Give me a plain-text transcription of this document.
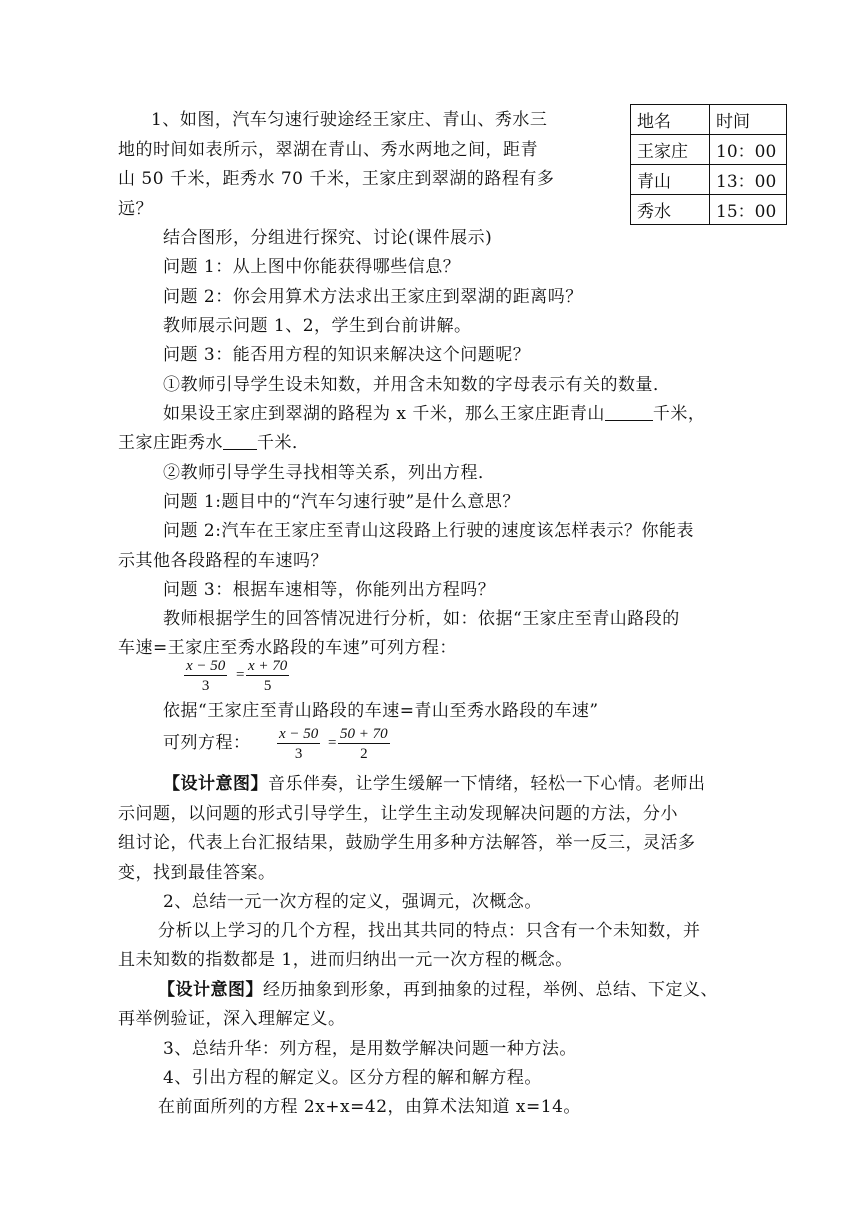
地名	时间
王家庄	10：00
青山	13：00
秀水	15：00
1、如图，汽车匀速行驶途经王家庄、青山、秀水三
地的时间如表所示，翠湖在青山、秀水两地之间，距青
山 50 千米，距秀水 70 千米，王家庄到翠湖的路程有多
远？
结合图形，分组进行探究、讨论(课件展示)
问题 1：从上图中你能获得哪些信息？
问题 2：你会用算术方法求出王家庄到翠湖的距离吗？
教师展示问题 1、2，学生到台前讲解。
问题 3：能否用方程的知识来解决这个问题呢？
①教师引导学生设未知数，并用含未知数的字母表示有关的数量．
如果设王家庄到翠湖的路程为 x 千米，那么王家庄距青山	千米，
王家庄距秀水 千米．
②教师引导学生寻找相等关系，列出方程．
问题 1:题目中的“汽车匀速行驶”是什么意思？
问题 2:汽车在王家庄至青山这段路上行驶的速度该怎样表示？你能表
示其他各段路程的车速吗？
问题 3：根据车速相等，你能列出方程吗？
教师根据学生的回答情况进行分析，如：依据“王家庄至青山路段的
车速=王家庄至秀水路段的车速”可列方程：
x − 50
3
=
x + 70
5
依据“王家庄至青山路段的车速=青山至秀水路段的车速”
可列方程： x − 50
3
=
50 + 70
2
【设计意图】音乐伴奏，让学生缓解一下情绪，轻松一下心情。老师出
示问题，以问题的形式引导学生，让学生主动发现解决问题的方法，分小
组讨论，代表上台汇报结果，鼓励学生用多种方法解答，举一反三，灵活多
变，找到最佳答案。
2、总结一元一次方程的定义，强调元，次概念。
分析以上学习的几个方程，找出其共同的特点：只含有一个未知数，并
且未知数的指数都是 1，进而归纳出一元一次方程的概念。
【设计意图】经历抽象到形象，再到抽象的过程，举例、总结、下定义、
再举例验证，深入理解定义。
3、总结升华：列方程，是用数学解决问题一种方法。
4、引出方程的解定义。区分方程的解和解方程。
在前面所列的方程 2x+x=42，由算术法知道 x=14。
